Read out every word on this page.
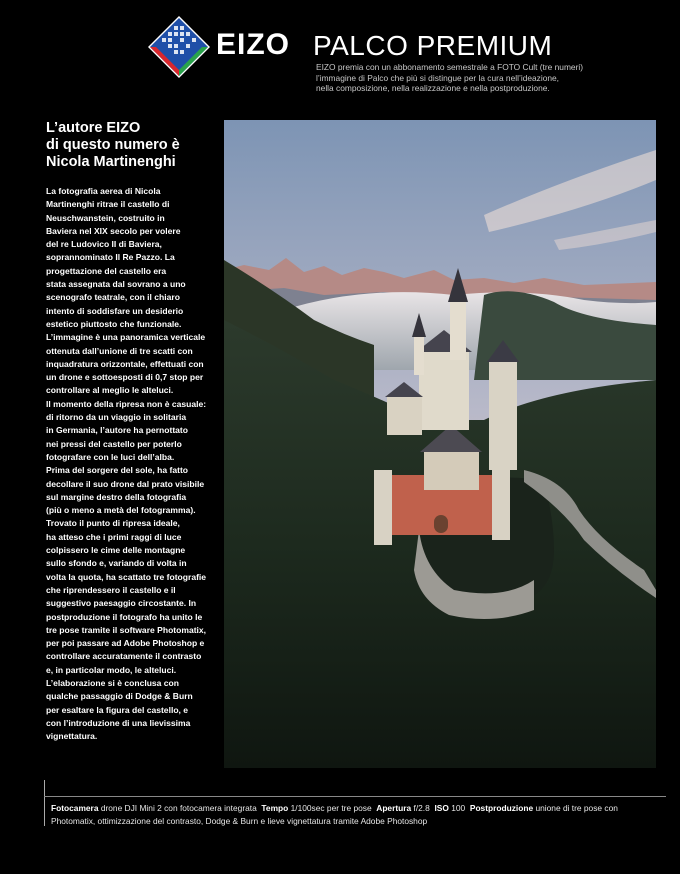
EIZO PALCO PREMIUM
EIZO premia con un abbonamento semestrale a FOTO Cult (tre numeri)
l’immagine di Palco che più si distingue per la cura nell’ideazione,
nella composizione, nella realizzazione e nella postproduzione.
L’autore EIZO
di questo numero è
Nicola Martinenghi
La fotografia aerea di Nicola
Martinenghi ritrae il castello di
Neuschwanstein, costruito in
Baviera nel XIX secolo per volere
del re Ludovico II di Baviera,
soprannominato Il Re Pazzo. La
progettazione del castello era
stata assegnata dal sovrano a uno
scenografo teatrale, con il chiaro
intento di soddisfare un desiderio
estetico piuttosto che funzionale.
L’immagine è una panoramica verticale
ottenuta dall’unione di tre scatti con
inquadratura orizzontale, effettuati con
un drone e sottoesposti di 0,7 stop per
controllare al meglio le alteluci.
Il momento della ripresa non è casuale:
di ritorno da un viaggio in solitaria
in Germania, l’autore ha pernottato
nei pressi del castello per poterlo
fotografare con le luci dell’alba.
Prima del sorgere del sole, ha fatto
decollare il suo drone dal prato visibile
sul margine destro della fotografia
(più o meno a metà del fotogramma).
Trovato il punto di ripresa ideale,
ha atteso che i primi raggi di luce
colpissero le cime delle montagne
sullo sfondo e, variando di volta in
volta la quota, ha scattato tre fotografie
che riprendessero il castello e il
suggestivo paesaggio circostante. In
postproduzione il fotografo ha unito le
tre pose tramite il software Photomatix,
per poi passare ad Adobe Photoshop e
controllare accuratamente il contrasto
e, in particolar modo, le alteluci.
L’elaborazione si è conclusa con
qualche passaggio di Dodge & Burn
per esaltare la figura del castello, e
con l’introduzione di una lievissima
vignettatura.
Fotocamera drone DJI Mini 2 con fotocamera integrata Tempo 1/100sec per tre pose Apertura f/2.8 ISO 100 Postproduzione unione di tre pose con
Photomatix, ottimizzazione del contrasto, Dodge & Burn e lieve vignettatura tramite Adobe Photoshop
